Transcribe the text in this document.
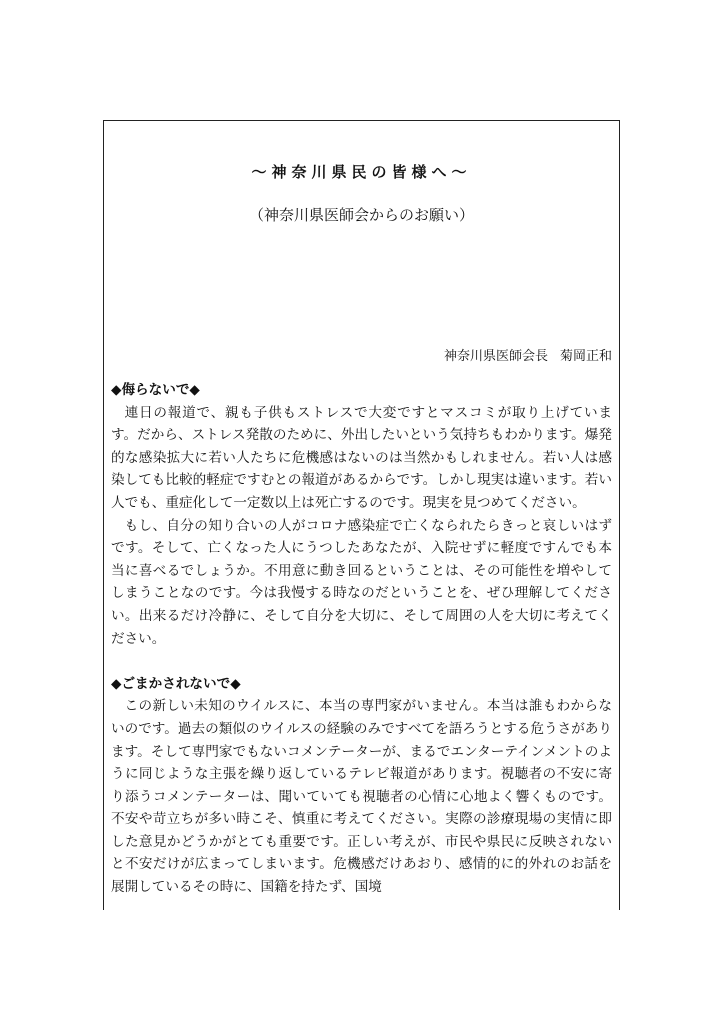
～神奈川県民の皆様へ～
（神奈川県医師会からのお願い）
神奈川県医師会長 菊岡正和
◆侮らないで◆

連日の報道で、親も子供もストレスで大変ですとマスコミが取り上げています。だから、ストレス発散のために、外出したいという気持ちもわかります。爆発的な感染拡大に若い人たちに危機感はないのは当然かもしれません。若い人は感染しても比較的軽症ですむとの報道があるからです。しかし現実は違います。若い人でも、重症化して一定数以上は死亡するのです。現実を見つめてください。

もし、自分の知り合いの人がコロナ感染症で亡くなられたらきっと哀しいはずです。そして、亡くなった人にうつしたあなたが、入院せずに軽度ですんでも本当に喜べるでしょうか。不用意に動き回るということは、その可能性を増やしてしまうことなのです。今は我慢する時なのだということを、ぜひ理解してください。出来るだけ冷静に、そして自分を大切に、そして周囲の人を大切に考えてください。

◆ごまかされないで◆

この新しい未知のウイルスに、本当の専門家がいません。本当は誰もわからないのです。過去の類似のウイルスの経験のみですべてを語ろうとする危うさがあります。そして専門家でもないコメンテーターが、まるでエンターテインメントのように同じような主張を繰り返しているテレビ報道があります。視聴者の不安に寄り添うコメンテーターは、聞いていても視聴者の心情に心地よく響くものです。不安や苛立ちが多い時こそ、慎重に考えてください。実際の診療現場の実情に即した意見かどうかがとても重要です。正しい考えが、市民や県民に反映されないと不安だけが広まってしまいます。危機感だけあおり、感情的に的外れのお話を展開しているその時に、国籍を持たず、国境
